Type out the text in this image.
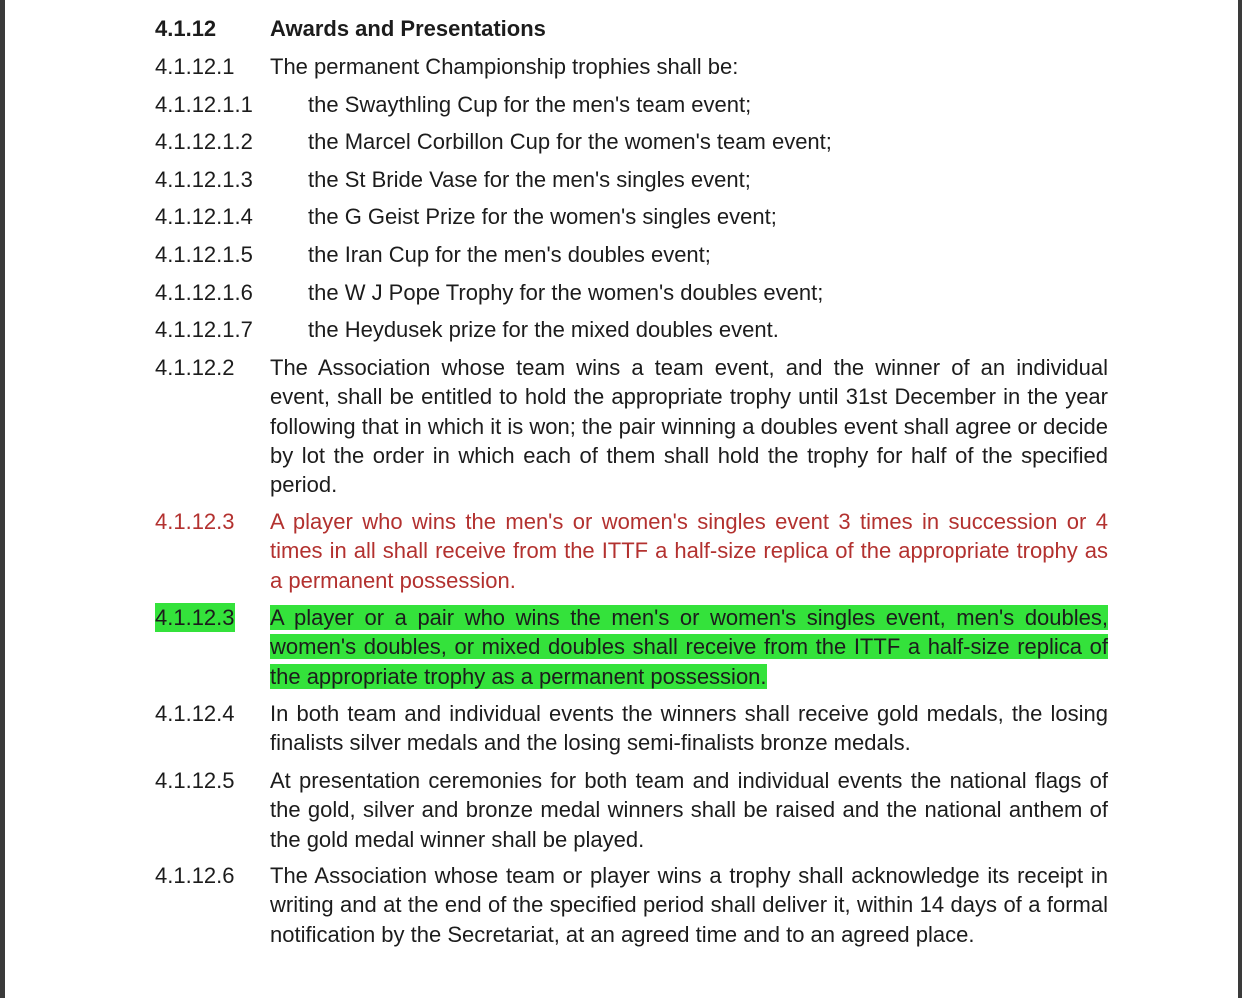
4.1.12 Awards and Presentations
4.1.12.1 The permanent Championship trophies shall be:
4.1.12.1.1	the Swaythling Cup for the men's team event;
4.1.12.1.2	the Marcel Corbillon Cup for the women's team event;
4.1.12.1.3	the St Bride Vase for the men's singles event;
4.1.12.1.4	the G Geist Prize for the women's singles event;
4.1.12.1.5	the Iran Cup for the men's doubles event;
4.1.12.1.6	the W J Pope Trophy for the women's doubles event;
4.1.12.1.7	the Heydusek prize for the mixed doubles event.
4.1.12.2 The Association whose team wins a team event, and the winner of an individual event, shall be entitled to hold the appropriate trophy until 31st December in the year following that in which it is won; the pair winning a doubles event shall agree or decide by lot the order in which each of them shall hold the trophy for half of the specified period.
4.1.12.3 A player who wins the men's or women's singles event 3 times in succession or 4 times in all shall receive from the ITTF a half-size replica of the appropriate trophy as a permanent possession.
4.1.12.3 A player or a pair who wins the men's or women's singles event, men's doubles, women's doubles, or mixed doubles shall receive from the ITTF a half-size replica of the appropriate trophy as a permanent possession.
4.1.12.4 In both team and individual events the winners shall receive gold medals, the losing finalists silver medals and the losing semi-finalists bronze medals.
4.1.12.5 At presentation ceremonies for both team and individual events the national flags of the gold, silver and bronze medal winners shall be raised and the national anthem of the gold medal winner shall be played.
4.1.12.6 The Association whose team or player wins a trophy shall acknowledge its receipt in writing and at the end of the specified period shall deliver it, within 14 days of a formal notification by the Secretariat, at an agreed time and to an agreed place.
